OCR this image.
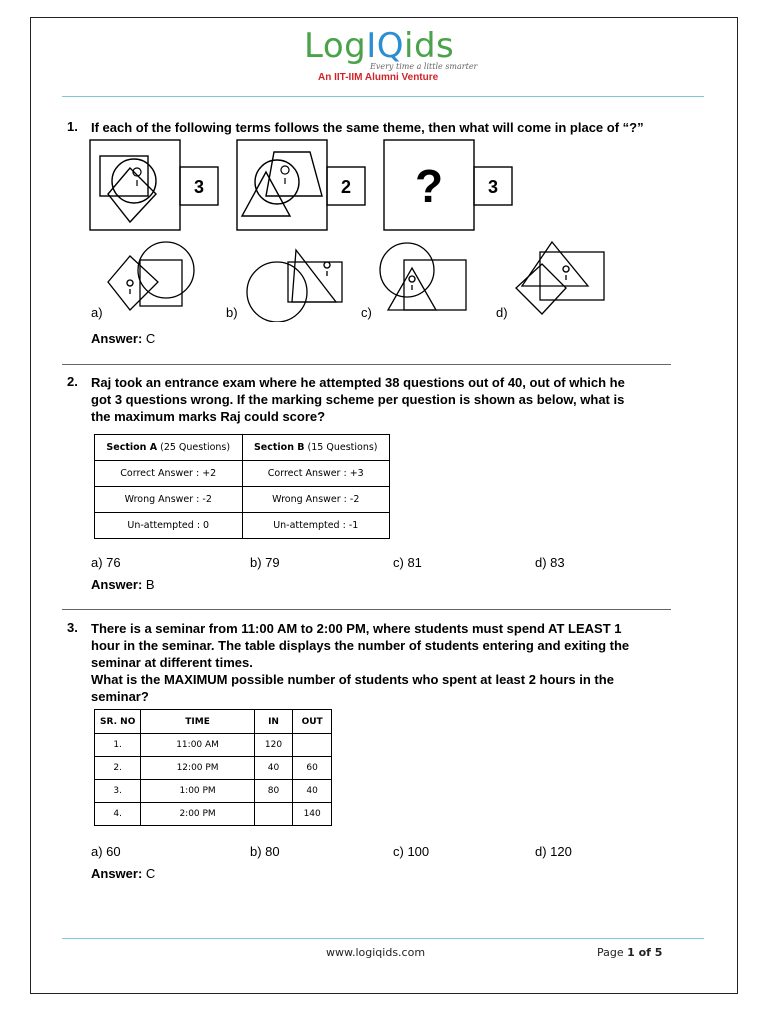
LogIQids
Every time a little smarter
An IIT-IIM Alumni Venture
1. If each of the following terms follows the same theme, then what will come in place of “?”
3	2 ? 3
a)	b)	c)	d)
Answer: C
2. Raj took an entrance exam where he attempted 38 questions out of 40, out of which he
got 3 questions wrong. If the marking scheme per question is shown as below, what is
the maximum marks Raj could score?
Section A (25 Questions)	Section B (15 Questions)
Correct Answer : +2	Correct Answer : +3
Wrong Answer : -2	Wrong Answer : -2
Un-attempted : 0	Un-attempted : -1
a) 76	b) 79	c) 81	d) 83
Answer: B
3. There is a seminar from 11:00 AM to 2:00 PM, where students must spend AT LEAST 1
hour in the seminar. The table displays the number of students entering and exiting the
seminar at different times.
What is the MAXIMUM possible number of students who spent at least 2 hours in the
seminar?
SR. NO	TIME	IN	OUT
1.	11:00 AM	120	
2.	12:00 PM	40	60
3.	1:00 PM	80	40
4.	2:00 PM		140
a) 60	b) 80	c) 100	d) 120
Answer: C
www.logiqids.com	Page 1 of 5
